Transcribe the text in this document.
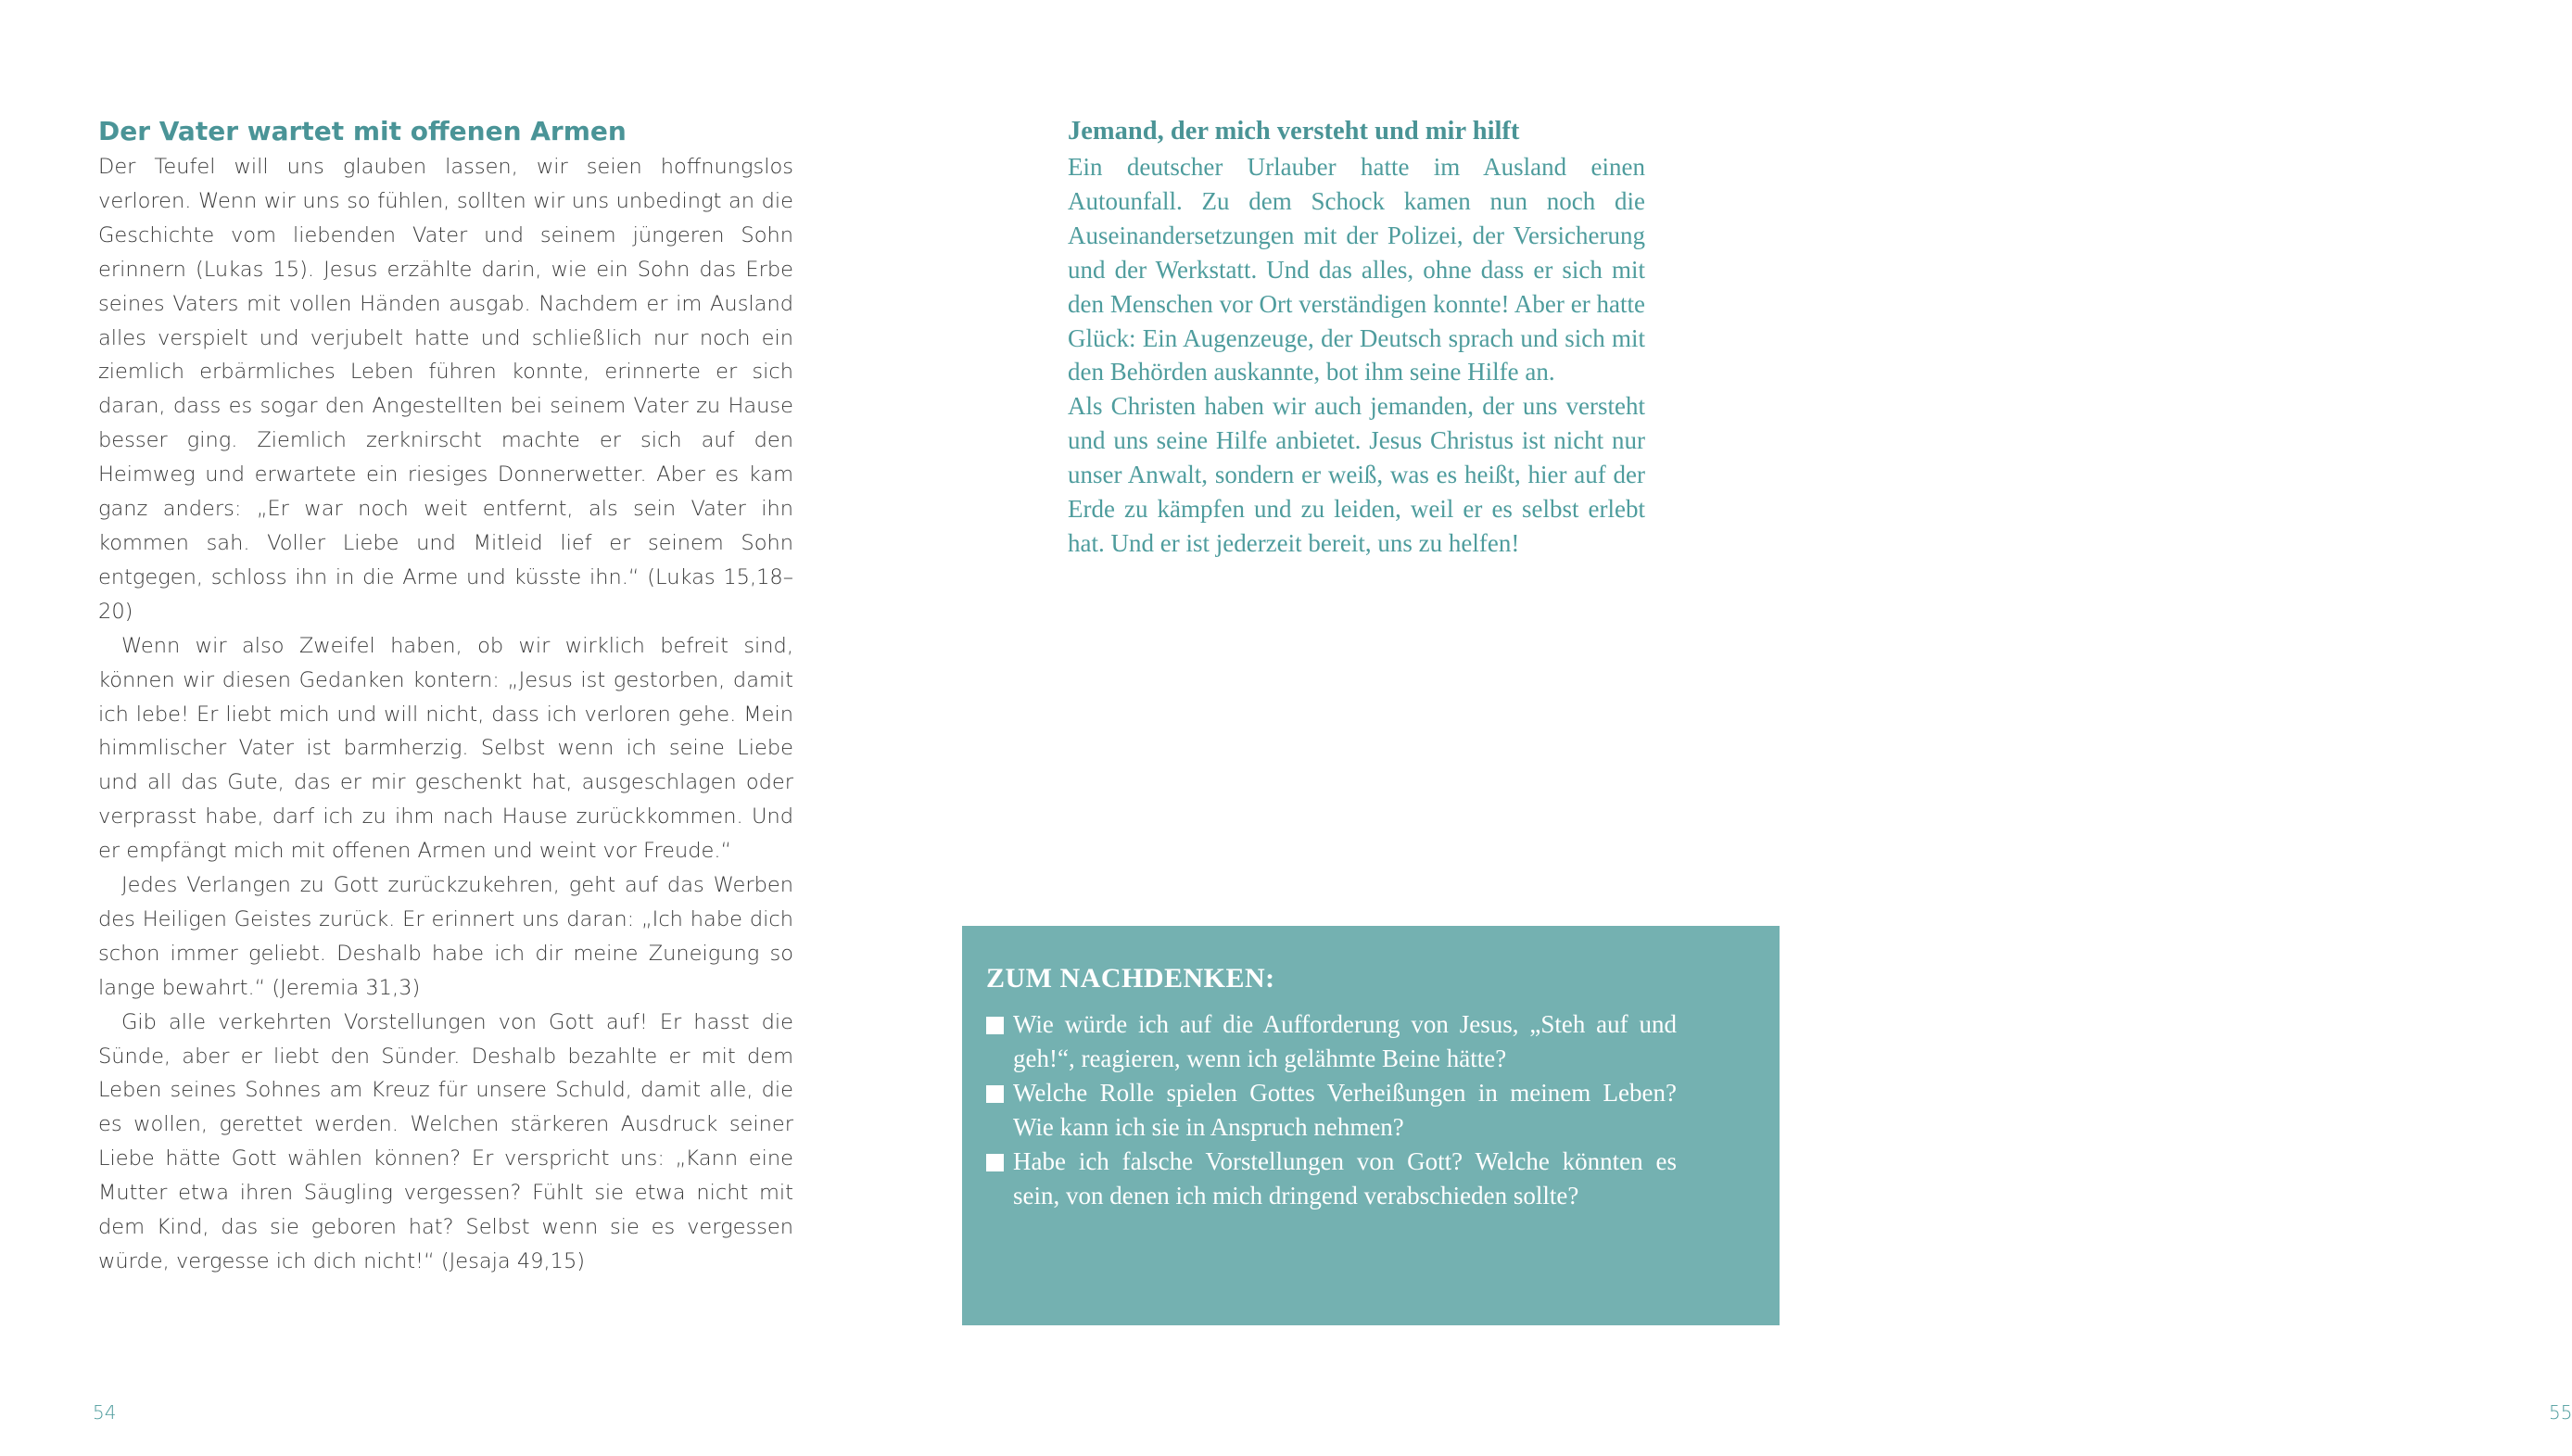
Der Vater wartet mit offenen Armen

Der Teufel will uns glauben lassen, wir seien hoffnungslos verloren. Wenn wir uns so fühlen, sollten wir uns unbedingt an die Geschichte vom liebenden Vater und seinem jüngeren Sohn erinnern (Lukas 15). Jesus erzählte darin, wie ein Sohn das Erbe seines Vaters mit vollen Händen ausgab. Nachdem er im Ausland alles verspielt und verjubelt hatte und schließlich nur noch ein ziemlich erbärmliches Leben führen konnte, erinnerte er sich daran, dass es sogar den Angestellten bei seinem Vater zu Hause besser ging. Ziemlich zerknirscht machte er sich auf den Heimweg und erwartete ein riesiges Donnerwetter. Aber es kam ganz anders: „Er war noch weit entfernt, als sein Vater ihn kommen sah. Voller Liebe und Mitleid lief er seinem Sohn entgegen, schloss ihn in die Arme und küsste ihn.“ (Lukas 15,18–20)

Wenn wir also Zweifel haben, ob wir wirklich befreit sind, können wir diesen Gedanken kontern: „Jesus ist gestorben, damit ich lebe! Er liebt mich und will nicht, dass ich verloren gehe. Mein himmlischer Vater ist barmherzig. Selbst wenn ich seine Liebe und all das Gute, das er mir geschenkt hat, ausgeschlagen oder verprasst habe, darf ich zu ihm nach Hause zurückkommen. Und er empfängt mich mit offenen Armen und weint vor Freude.“

Jedes Verlangen zu Gott zurückzukehren, geht auf das Werben des Heiligen Geistes zurück. Er erinnert uns daran: „Ich habe dich schon immer geliebt. Deshalb habe ich dir meine Zuneigung so lange bewahrt.“ (Jeremia 31,3)

Gib alle verkehrten Vorstellungen von Gott auf! Er hasst die Sünde, aber er liebt den Sünder. Deshalb bezahlte er mit dem Leben seines Sohnes am Kreuz für unsere Schuld, damit alle, die es wollen, gerettet werden. Welchen stärkeren Ausdruck seiner Liebe hätte Gott wählen können? Er verspricht uns: „Kann eine Mutter etwa ihren Säugling vergessen? Fühlt sie etwa nicht mit dem Kind, das sie geboren hat? Selbst wenn sie es vergessen würde, vergesse ich dich nicht!“ (Jesaja 49,15)

54
Jemand, der mich versteht und mir hilft

Ein deutscher Urlauber hatte im Ausland einen Autounfall. Zu dem Schock kamen nun noch die Auseinandersetzungen mit der Polizei, der Versicherung und der Werkstatt. Und das alles, ohne dass er sich mit den Menschen vor Ort verständigen konnte! Aber er hatte Glück: Ein Augenzeuge, der Deutsch sprach und sich mit den Behörden auskannte, bot ihm seine Hilfe an.

Als Christen haben wir auch jemanden, der uns versteht und uns seine Hilfe anbietet. Jesus Christus ist nicht nur unser Anwalt, sondern er weiß, was es heißt, hier auf der Erde zu kämpfen und zu leiden, weil er es selbst erlebt hat. Und er ist jederzeit bereit, uns zu helfen!

ZUM NACHDENKEN:
Wie würde ich auf die Aufforderung von Jesus, „Steh auf und geh!“, reagieren, wenn ich gelähmte Beine hätte?
Welche Rolle spielen Gottes Verheißungen in meinem Leben? Wie kann ich sie in Anspruch nehmen?
Habe ich falsche Vorstellungen von Gott? Welche könnten es sein, von denen ich mich dringend verabschieden sollte?
55
